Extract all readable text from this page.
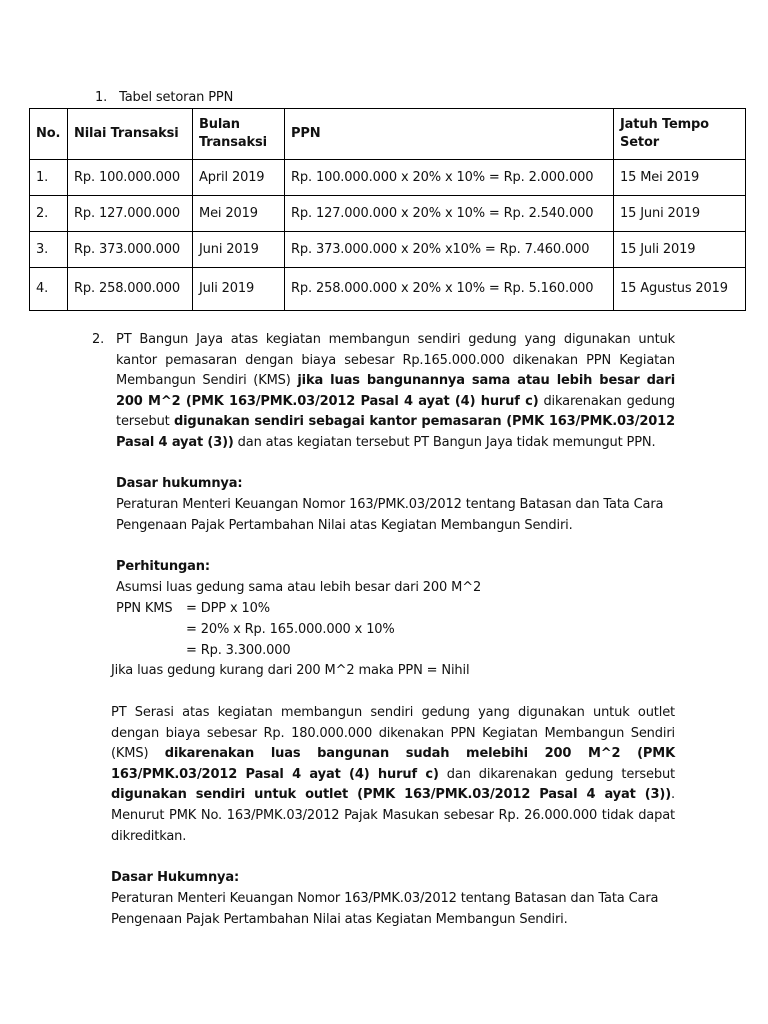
1. Tabel setoran PPN
No.	Nilai Transaksi	Bulan Transaksi	PPN	Jatuh Tempo Setor
1.	Rp. 100.000.000	April 2019	Rp. 100.000.000 x 20% x 10% = Rp. 2.000.000	15 Mei 2019
2.	Rp. 127.000.000	Mei 2019	Rp. 127.000.000 x 20% x 10% = Rp. 2.540.000	15 Juni 2019
3.	Rp. 373.000.000	Juni 2019	Rp. 373.000.000 x 20% x10% = Rp. 7.460.000	15 Juli 2019
4.	Rp. 258.000.000	Juli 2019	Rp. 258.000.000 x 20% x 10% = Rp. 5.160.000	15 Agustus 2019
2. PT Bangun Jaya atas kegiatan membangun sendiri gedung yang digunakan untuk kantor pemasaran dengan biaya sebesar Rp.165.000.000 dikenakan PPN Kegiatan Membangun Sendiri (KMS) jika luas bangunannya sama atau lebih besar dari 200 M^2 (PMK 163/PMK.03/2012 Pasal 4 ayat (4) huruf c) dikarenakan gedung tersebut digunakan sendiri sebagai kantor pemasaran (PMK 163/PMK.03/2012 Pasal 4 ayat (3)) dan atas kegiatan tersebut PT Bangun Jaya tidak memungut PPN.
Dasar hukumnya:
Peraturan Menteri Keuangan Nomor 163/PMK.03/2012 tentang Batasan dan Tata Cara Pengenaan Pajak Pertambahan Nilai atas Kegiatan Membangun Sendiri.
Perhitungan:
Asumsi luas gedung sama atau lebih besar dari 200 M^2
PPN KMS = DPP x 10%
= 20% x Rp. 165.000.000 x 10%
= Rp. 3.300.000
Jika luas gedung kurang dari 200 M^2 maka PPN = Nihil
PT Serasi atas kegiatan membangun sendiri gedung yang digunakan untuk outlet dengan biaya sebesar Rp. 180.000.000 dikenakan PPN Kegiatan Membangun Sendiri (KMS) dikarenakan luas bangunan sudah melebihi 200 M^2 (PMK 163/PMK.03/2012 Pasal 4 ayat (4) huruf c) dan dikarenakan gedung tersebut digunakan sendiri untuk outlet (PMK 163/PMK.03/2012 Pasal 4 ayat (3)). Menurut PMK No. 163/PMK.03/2012 Pajak Masukan sebesar Rp. 26.000.000 tidak dapat dikreditkan.
Dasar Hukumnya:
Peraturan Menteri Keuangan Nomor 163/PMK.03/2012 tentang Batasan dan Tata Cara Pengenaan Pajak Pertambahan Nilai atas Kegiatan Membangun Sendiri.
